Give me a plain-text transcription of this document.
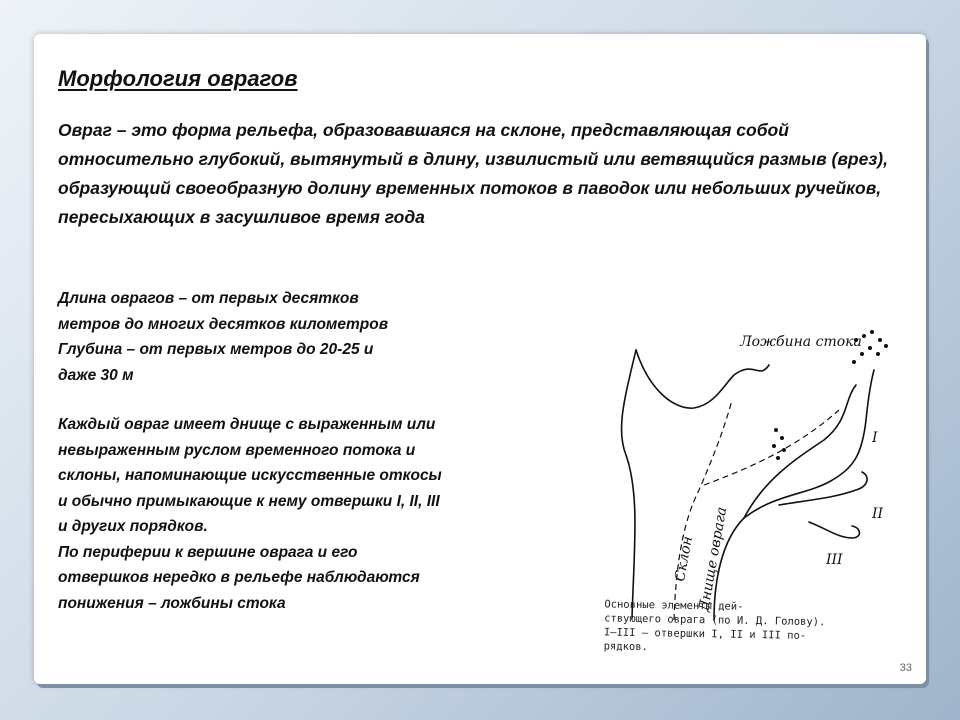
Морфология оврагов

Овраг – это форма рельефа, образовавшаяся на склоне, представляющая собой относительно глубокий, вытянутый в длину, извилистый или ветвящийся размыв (врез), образующий своеобразную долину временных потоков в паводок или небольших ручейков, пересыхающих в засушливое время года

Длина оврагов – от первых десятков
метров до многих десятков километров
Глубина – от первых метров до 20-25 и
даже 30 м
Каждый овраг имеет днище с выраженным или
невыраженным руслом временного потока и
склоны, напоминающие искусственные откосы
и обычно примыкающие к нему отвершки I, II, III
и других порядков.
По периферии к вершине оврага и его
отвершков нередко в рельефе наблюдаются
понижения – ложбины стока
Ложбина стока
Склон Днище оврага
I
II
III

Основные элементы дей-

ствующего оврага (по И. Д. Голову).

I—III — отвершки I, II и III по-

рядков.

33
